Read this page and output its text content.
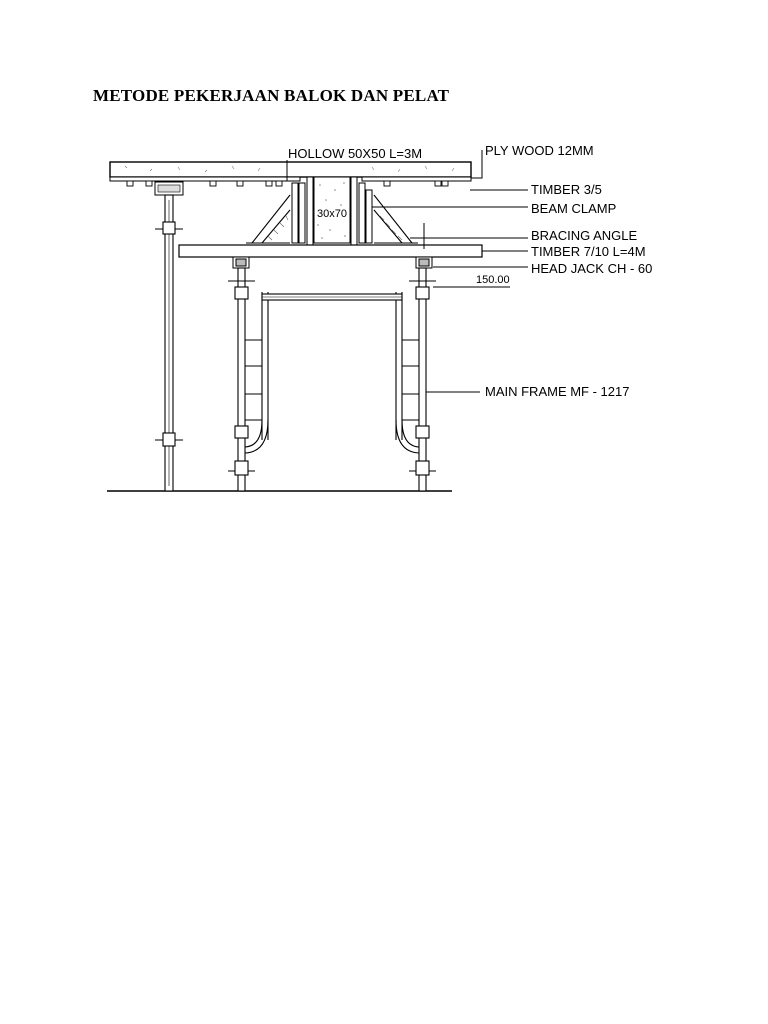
METODE PEKERJAAN BALOK DAN PELAT
HOLLOW 50X50 L=3M	PLY WOOD 12MM
TIMBER 3/5
BEAM CLAMP
30x70
BRACING ANGLE
TIMBER 7/10 L=4M
HEAD JACK CH - 60
150.00
MAIN FRAME MF - 1217
